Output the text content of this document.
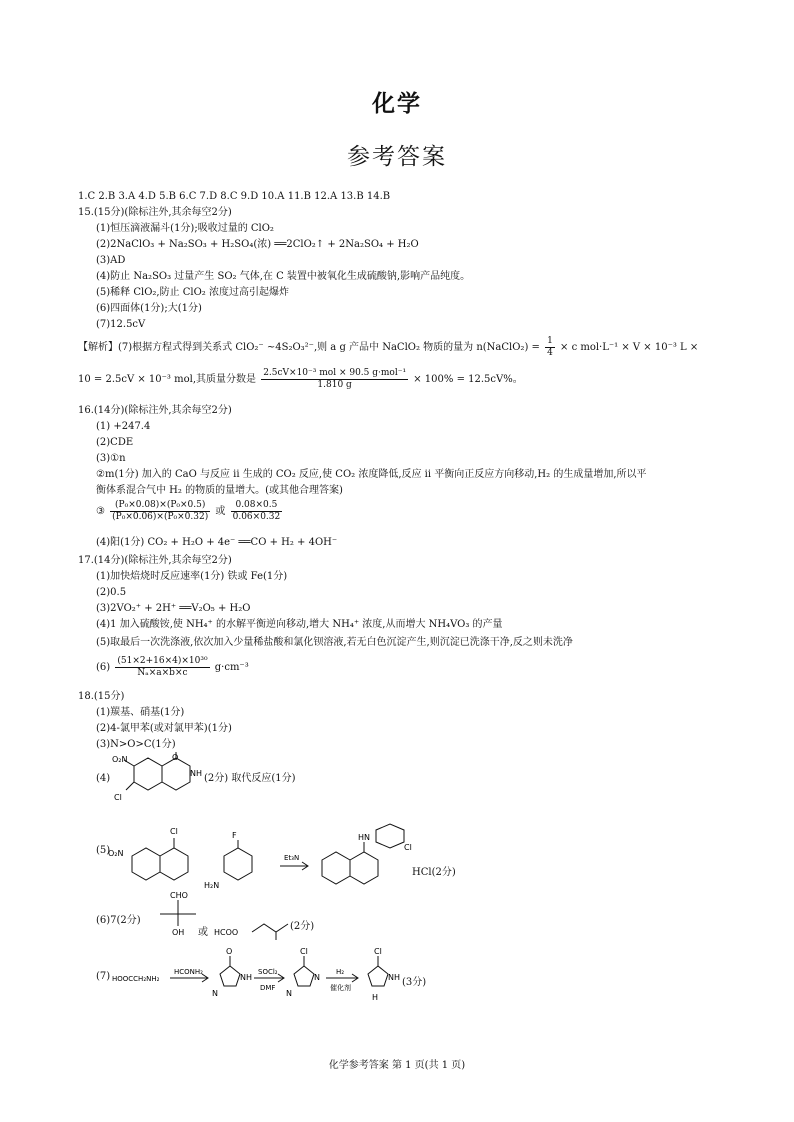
化学
参考答案
1.C 2.B 3.A 4.D 5.B 6.C 7.D 8.C 9.D 10.A 11.B 12.A 13.B 14.B
15.(15分)(除标注外,其余每空2分)
(1)恒压滴液漏斗(1分);吸收过量的 ClO₂
(2)2NaClO₃ + Na₂SO₃ + H₂SO₄(浓) ══2ClO₂↑ + 2Na₂SO₄ + H₂O
(3)AD
(4)防止 Na₂SO₃ 过量产生 SO₂ 气体,在 C 装置中被氧化生成硫酸钠,影响产品纯度。
(5)稀释 ClO₂,防止 ClO₂ 浓度过高引起爆炸
(6)四面体(1分);大(1分)
(7)12.5cV
【解析】(7)根据方程式得到关系式 ClO₂⁻ ~4S₂O₃²⁻,则 a g 产品中 NaClO₂ 物质的量为 n(NaClO₂) = $\frac{1}{4} \times c$ mol·L⁻¹ × V × 10⁻³ L ×
10 = 2.5cV × 10⁻³ mol,其质量分数是 $\frac{\text{2.5cV×10⁻³ mol × 90.5 g·mol⁻¹}}{1.810 g} \times 100\% = 12.5cV\%$。
16.(14分)(除标注外,其余每空2分)
(1) +247.4
(2)CDE
(3)①n
②m(1分) 加入的 CaO 与反应 ii 生成的 CO₂ 反应,使 CO₂ 浓度降低,反应 ii 平衡向正反应方向移动,H₂ 的生成量增加,所以平
衡体系混合气中 H₂ 的物质的量增大。(或其他合理答案)
③ $\frac{\text{(P₀×0.08)×(P₀×0.5)}}{\text{(P₀×0.06)×(P₀×0.32)}}$ 或 $\frac{0.08\times 0.5}{0.06\times 0.32}$
(4)阳(1分) CO₂ + H₂O + 4e⁻ ══CO + H₂ + 4OH⁻
17.(14分)(除标注外,其余每空2分)
(1)加快焙烧时反应速率(1分) 铁或 Fe(1分)
(2)0.5
(3)2VO₂⁺ + 2H⁺ ══V₂O₅ + H₂O
(4)1 加入硫酸铵,使 NH₄⁺ 的水解平衡逆向移动,增大 NH₄⁺ 浓度,从而增大 NH₄VO₃ 的产量
(5)取最后一次洗涤液,依次加入少量稀盐酸和氯化钡溶液,若无白色沉淀产生,则沉淀已洗涤干净,反之则未洗净
$(6) \frac{\text{(51×2+16×4)×10³⁰}}{\text{Nₐ×a×b×c}} g\cdot cm^{-3}$
18.(15分)
(1)羰基、硝基(1分)
(2)4-氯甲苯(或对氯甲苯)(1分)
(3)N>O>C(1分)
(4)
O
NH
O₂N
Cl
(2分) 取代反应(1分)
(5)
Cl
O₂N
F
H₂N
Et₃N
HN
Cl
HCl(2分)
(6)7(2分)
CHO
OH 或 HCOO
(2分)
(7) HOOCCH₂NH₂
HCONH₂
O
NH
N
SOCl₂
DMF
Cl
N
N
H₂
催化剂
Cl
NH
H
(3分)
化学参考答案 第 1 页(共 1 页)
